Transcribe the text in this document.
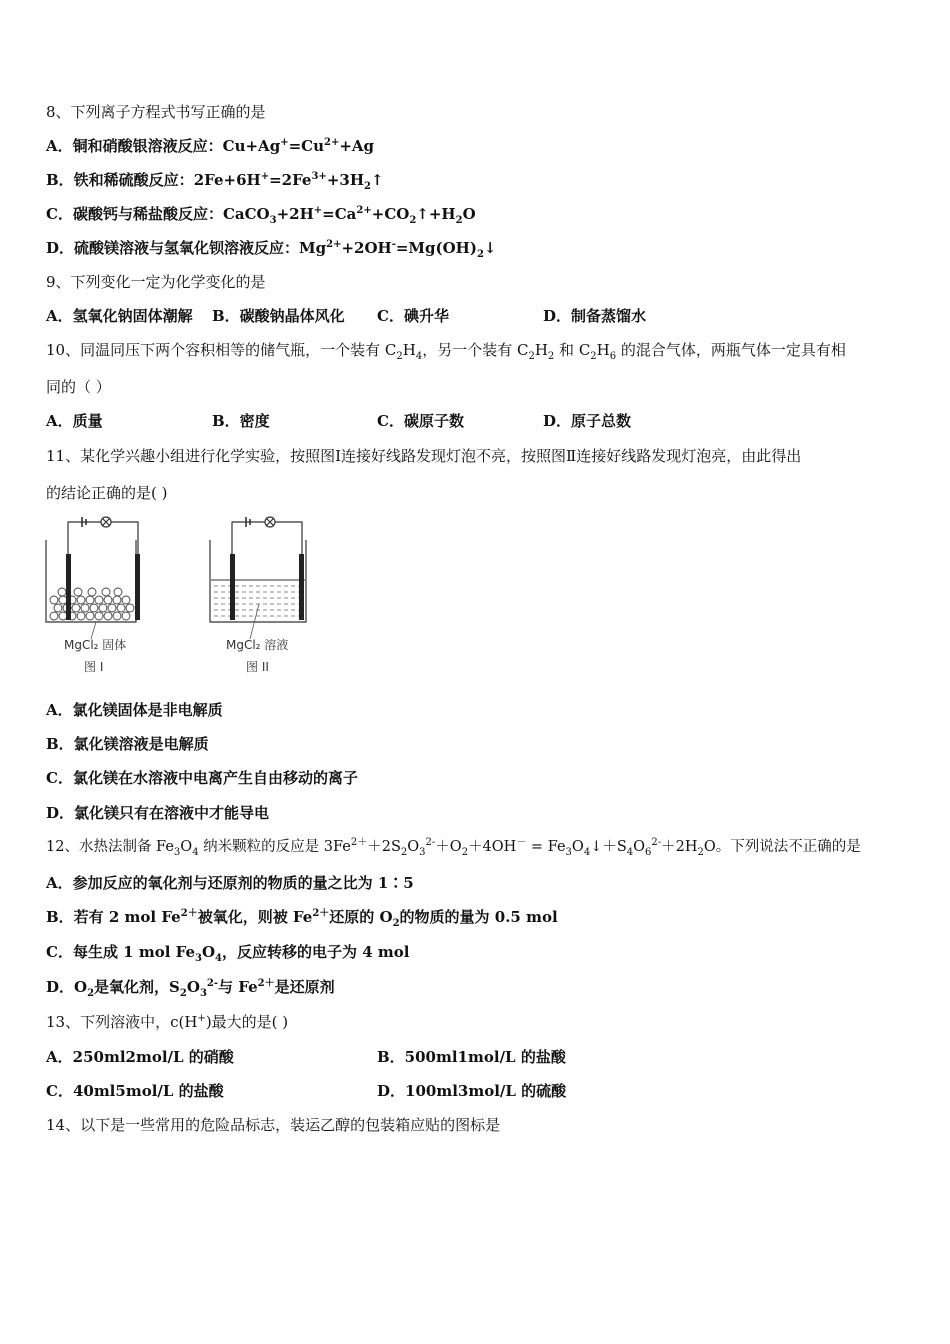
8、下列离子方程式书写正确的是
A．铜和硝酸银溶液反应：$Cu+Ag^+=Cu^{2+}+Ag$
B．铁和稀硫酸反应：$2Fe+6H^+=2Fe^{3+}+3H_2↑$
C．碳酸钙与稀盐酸反应：$CaCO_3+2H^+=Ca^{2+}+CO_2↑+H_2O$
D．硫酸镁溶液与氢氧化钡溶液反应：$Mg^{2+}+2OH^-=Mg(OH)_2↓$
9、下列变化一定为化学变化的是
A．氢氧化钠固体潮解 B．碳酸钠晶体风化 C．碘升华	D．制备蒸馏水
10、同温同压下两个容积相等的储气瓶，一个装有 $C_2H_4$，另一个装有 $C_2H_2$ 和 $C_2H_6$ 的混合气体，两瓶气体一定具有相
同的（ ）
A．质量	B．密度	C．碳原子数	D．原子总数
11、某化学兴趣小组进行化学实验，按照图Ⅰ连接好线路发现灯泡不亮，按照图Ⅱ连接好线路发现灯泡亮，由此得出
的结论正确的是( )
MgCl₂ 固体
图 I
MgCl₂ 溶液
图 II
A．氯化镁固体是非电解质
B．氯化镁溶液是电解质
C．氯化镁在水溶液中电离产生自由移动的离子
D．氯化镁只有在溶液中才能导电
12、水热法制备 $Fe_3O_4$ 纳米颗粒的反应是 $3Fe^{2+}+2S_2O_3^{2-}+O_2+4OH^-$ = $Fe_3O_4↓+S_4O_6^{2-}+2H_2O$。下列说法不正确的是
A．参加反应的氧化剂与还原剂的物质的量之比为 1∶5
B．若有 2 mol $Fe^{2+}$被氧化，则被 $Fe^{2+}$还原的 $O_2$的物质的量为 0.5 mol
C．每生成 1 mol $Fe_3O_4$，反应转移的电子为 4 mol
D．$O_2$是氧化剂，$S_2O_3^{2-}$与 $Fe^{2+}$是还原剂
13、下列溶液中，c(H+)最大的是( )
A．250ml2mol/L 的硝酸	B．500ml1mol/L 的盐酸
C．40ml5mol/L 的盐酸	D．100ml3mol/L 的硫酸
14、以下是一些常用的危险品标志，装运乙醇的包装箱应贴的图标是
